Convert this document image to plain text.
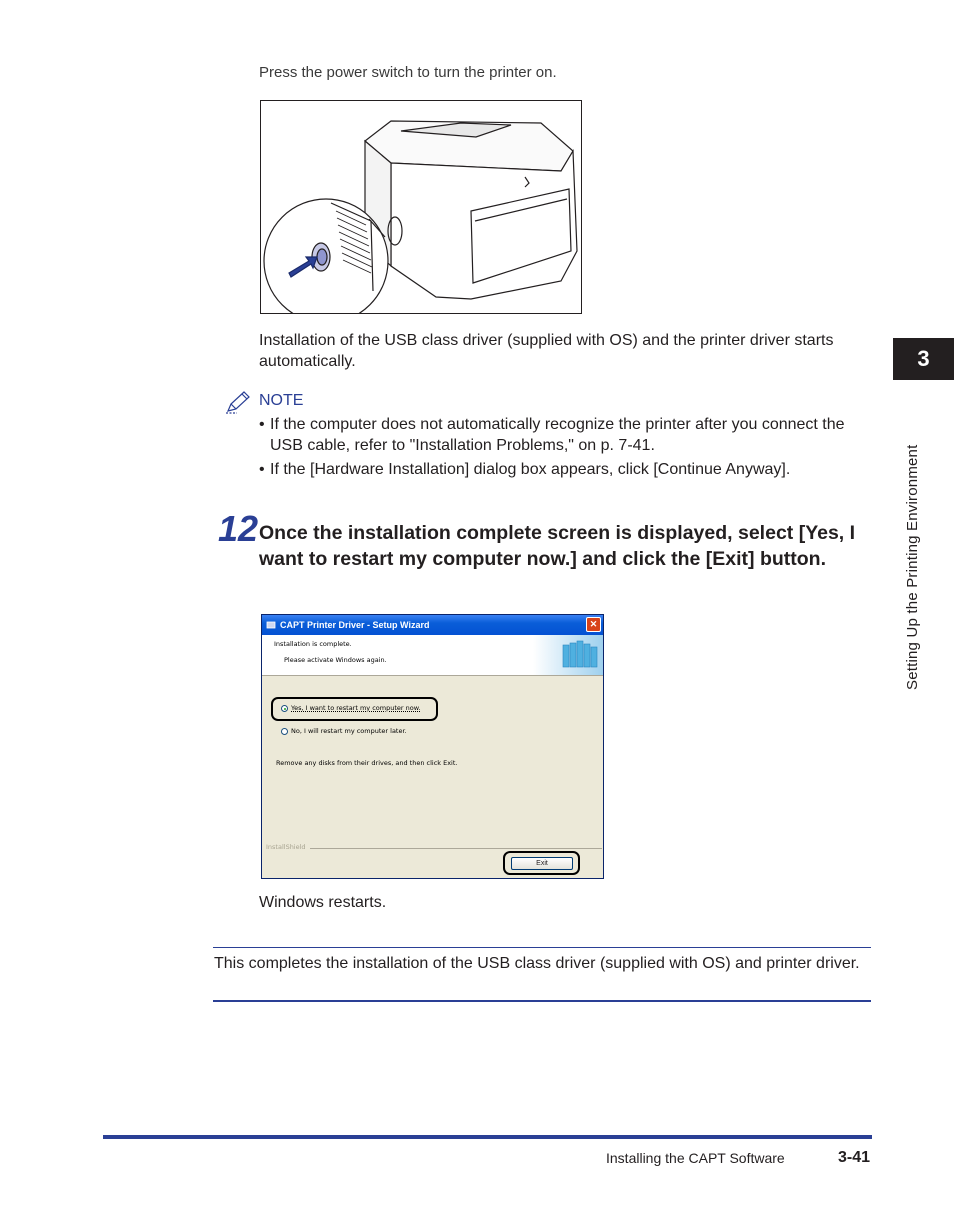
Press the power switch to turn the printer on.
Installation of the USB class driver (supplied with OS) and the printer driver starts automatically.
NOTE
• If the computer does not automatically recognize the printer after you connect the USB cable, refer to "Installation Problems," on p. 7-41.
• If the [Hardware Installation] dialog box appears, click [Continue Anyway].
12 Once the installation complete screen is displayed, select [Yes, I want to restart my computer now.] and click the [Exit] button.
CAPT Printer Driver - Setup Wizard	✕
Installation is complete.
Please activate Windows again.
Yes, I want to restart my computer now.
No, I will restart my computer later.
Remove any disks from their drives, and then click Exit.
InstallShield
Exit
Windows restarts.
This completes the installation of the USB class driver (supplied with OS) and printer driver.
3
Setting Up the Printing Environment
Installing the CAPT Software	3-41
